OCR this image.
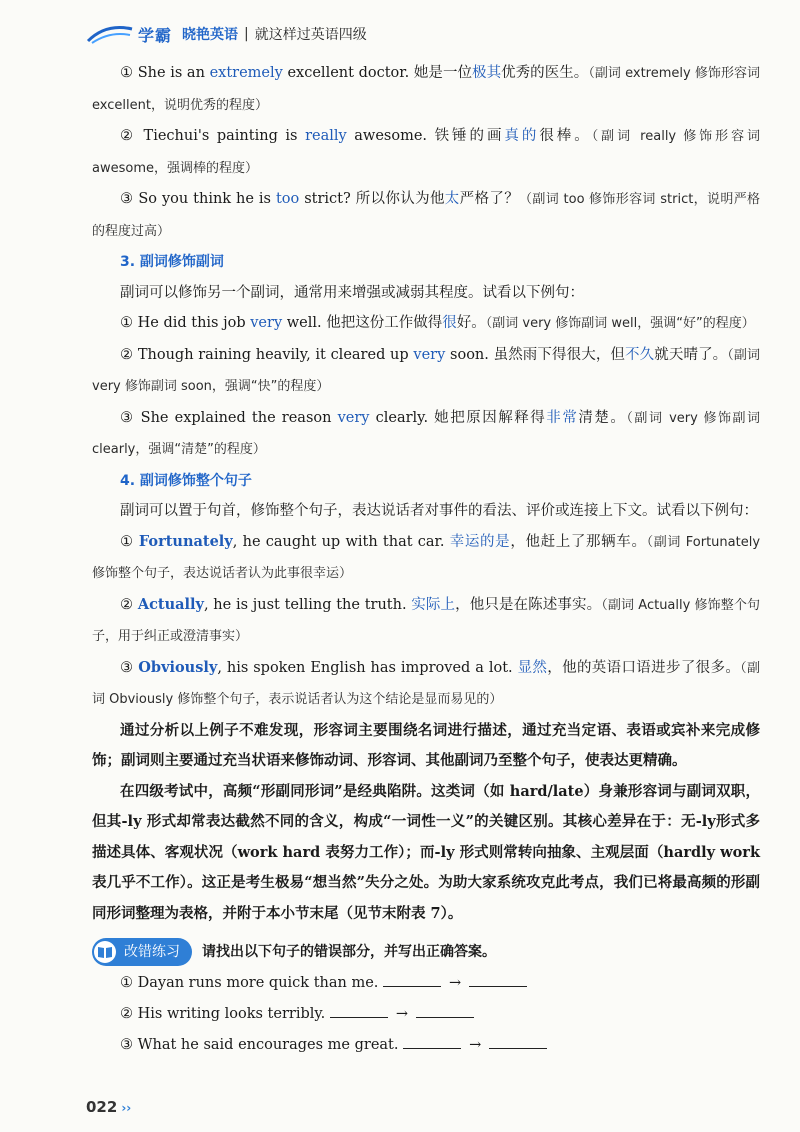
学霸 晓艳英语 | 就这样过英语四级

① She is an extremely excellent doctor. 她是一位极其优秀的医生。（副词 extremely 修饰形容词 excellent，说明优秀的程度）

② Tiechui's painting is really awesome. 铁锤的画真的很棒。（副词 really 修饰形容词 awesome，强调棒的程度）

③ So you think he is too strict? 所以你认为他太严格了？（副词 too 修饰形容词 strict，说明严格的程度过高）

3. 副词修饰副词

副词可以修饰另一个副词，通常用来增强或减弱其程度。试看以下例句：

① He did this job very well. 他把这份工作做得很好。（副词 very 修饰副词 well，强调“好”的程度）

② Though raining heavily, it cleared up very soon. 虽然雨下得很大，但不久就天晴了。（副词 very 修饰副词 soon，强调“快”的程度）

③ She explained the reason very clearly. 她把原因解释得非常清楚。（副词 very 修饰副词 clearly，强调“清楚”的程度）

4. 副词修饰整个句子

副词可以置于句首，修饰整个句子，表达说话者对事件的看法、评价或连接上下文。试看以下例句：

① Fortunately, he caught up with that car. 幸运的是，他赶上了那辆车。（副词 Fortunately 修饰整个句子，表达说话者认为此事很幸运）

② Actually, he is just telling the truth. 实际上，他只是在陈述事实。（副词 Actually 修饰整个句子，用于纠正或澄清事实）

③ Obviously, his spoken English has improved a lot. 显然，他的英语口语进步了很多。（副词 Obviously 修饰整个句子，表示说话者认为这个结论是显而易见的）

通过分析以上例子不难发现，形容词主要围绕名词进行描述，通过充当定语、表语或宾补来完成修饰；副词则主要通过充当状语来修饰动词、形容词、其他副词乃至整个句子，使表达更精确。

在四级考试中，高频“形副同形词”是经典陷阱。这类词（如 hard/late）身兼形容词与副词双职，但其-ly 形式却常表达截然不同的含义，构成“一词性一义”的关键区别。其核心差异在于：无-ly形式多描述具体、客观状况（work hard 表努力工作）；而-ly 形式则常转向抽象、主观层面（hardly work 表几乎不工作）。这正是考生极易“想当然”失分之处。为助大家系统攻克此考点，我们已将最高频的形副同形词整理为表格，并附于本小节末尾（见节末附表 7）。

改错练习 请找出以下句子的错误部分，并写出正确答案。

① Dayan runs more quick than me.	→

② His writing looks terribly.	→

③ What he said encourages me great.	→

022 ››
